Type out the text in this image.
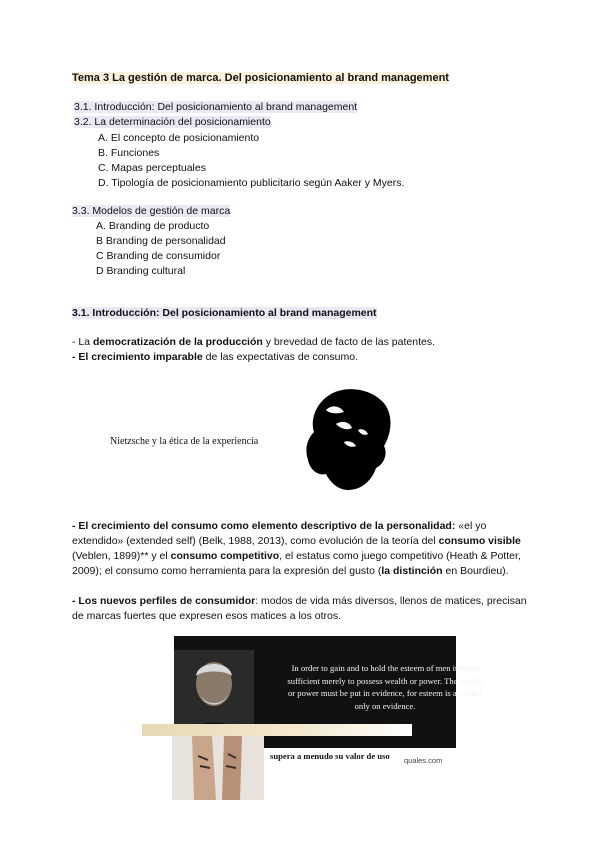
Tema 3 La gestión de marca. Del posicionamiento al brand management
3.1. Introducción: Del posicionamiento al brand management
3.2. La determinación del posicionamiento
A. El concepto de posicionamiento
B. Funciones
C. Mapas perceptuales
D. Tipología de posicionamiento publicitario según Aaker y Myers.
3.3. Modelos de gestión de marca
A. Branding de producto
B Branding de personalidad
C Branding de consumidor
D Branding cultural
3.1. Introducción: Del posicionamiento al brand management
- La democratización de la producción y brevedad de facto de las patentes.
- El crecimiento imparable de las expectativas de consumo.
Nietzsche y la ética de la experiencia
- El crecimiento del consumo como elemento descriptivo de la personalidad: «el yo extendido» (extended self) (Belk, 1988, 2013), como evolución de la teoría del consumo visible (Veblen, 1899)** y el consumo competitivo, el estatus como juego competitivo (Heath & Potter, 2009); el consumo como herramienta para la expresión del gusto (la distinción en Bourdieu).
- Los nuevos perfiles de consumidor: modos de vida más diversos, llenos de matices, precisan de marcas fuertes que expresen esos matices a los otros.
In order to gain and to hold the esteem of men it is not sufficient merely to possess wealth or power. The wealth or power must be put in evidence, for esteem is awarded only on evidence.
El valor simbólico de la marca supera a menudo su valor de uso	quales.com
